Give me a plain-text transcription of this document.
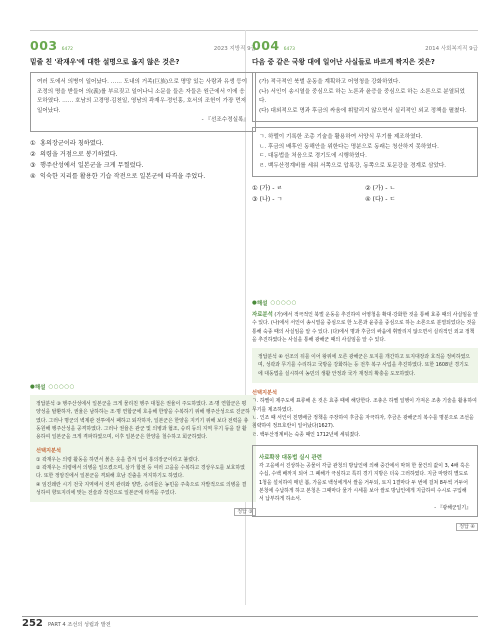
003 6472	2023 지방직 9급
밑줄 친 '곽재우'에 대한 설명으로 옳지 않은 것은?
여러 도에서 의병이 일어났다. …… 도내의 거족(巨族)으로 명망 있는 사람과 유생 등이 조정의 명을 받들어 의(義)를 부르짖고 일어나니 소문을 들은 자들은 원근에서 이에 응모하였다. …… 호남의 고경명·김천일, 영남의 곽재우·정인홍, 호서의 조헌이 가장 먼저 일어났다.
- 『선조수정실록』
① 홍의장군이라 칭하였다.
② 의령을 거점으로 봉기하였다.
③ 행주산성에서 일본군을 크게 무찔렀다.
④ 익숙한 지리를 활용한 기습 작전으로 일본군에 타격을 주었다.
004 6473	2014 사회복지직 9급
다음 중 같은 국왕 대에 일어난 사실들로 바르게 짝지은 것은?
(가) 적극적인 북벌 운동을 계획하고 어영청을 강화하였다.
(나) 서인이 송시열을 중심으로 하는 노론과 윤증을 중심으로 하는 소론으로 분열되었다.
(다) 대외적으로 명과 후금의 싸움에 휘말리지 않으면서 실리적인 외교 정책을 펼쳤다.
ㄱ. 하멜이 기록한 조총 기술을 활용하여 서양식 무기를 제조하였다.
ㄴ. 후금의 배후인 동해안을 위한다는 명분으로 동래는 청산하지 못하였다.
ㄷ. 대동법을 처음으로 경기도에 시행하였다.
ㄹ. 백두산정계비를 세워 서쪽으로 압록강, 동쪽으로 토문강을 경계로 삼았다.
① (가) - ㄹ	② (가) - ㄴ
③ (나) - ㄱ	④ (다) - ㄷ
● 해설 ○○○○○
정답분석 ③ 행주산성에서 일본군을 크게 물리친 행주 대첩은 권율이 주도하였다. 조·명 연합군은 평양성을 탈환하자, 권율은 남하하는 조·명 연합군에 호응해 한양을 수복하기 위해 행주산성으로 진군하였다. 그러나 명군의 벽제관 전투에서 패하고 퇴각하자, 일본군은 한양을 지키기 위해 보다 전력을 총동원해 행주산성을 공격하였다. 그러나 권율은 관군 및 의병과 협조, 승려 등의 지역 무기 등을 잘 활용하여 일본군을 크게 격파하였으며, 이후 일본군은 한양을 철수하고 회군하였다.
선택지분석
① 곽재우는 의령 활동을 하면서 붉은 옷을 즐겨 입어 홍의장군이라고 불렸다.
② 곽재우는 의령에서 의병을 일으켰으며, 삼가 합천 등 여러 고을을 수복하고 경상우도를 보호하였다. 또한 정암진에서 일본군을 격퇴해 호남 진출을 저지하기도 하였다.
④ 임진왜란 시기 전국 지역에서 전직 관리와 양반, 승려들은 농민을 주축으로 자발적으로 의병을 결성하여 향토지리에 맞는 전술과 작전으로 일본군에 타격을 주었다.
정답 ③
● 해설 ○○○○○
자료분석 (가)에서 적극적인 북벌 운동을 추진하여 어영청을 확대·강화한 것을 통해 효종 때의 사실임을 알 수 있다. (나)에서 서인이 송시열을 중심으로 한 노론과 윤증을 중심으로 하는 소론으로 분열되었다는 것을 통해 숙종 때의 사실임을 알 수 있다. (다)에서 명과 후금의 싸움에 휘말리지 않으면서 실리적인 외교 정책을 추진하였다는 사실을 통해 광해군 때의 사실임을 알 수 있다.
정답분석 ④ 선조의 뒤를 이어 왕위에 오른 광해군은 토지를 개간하고 토지대장과 호적을 정비하였으며, 성곽과 무기를 수리하고 국방을 강화하는 등 전후 복구 사업을 추진하였다. 또한 1608년 경기도에 대동법을 실시하여 농민의 생활 안정과 국가 재정의 확충을 도모하였다.
선택지분석
ㄱ. 하멜이 제주도에 표류해 온 것은 효종 때에 해당한다. 조총은 하멜 일행이 가져온 조총 기술을 활용하여 무기를 제조하였다.
ㄴ. 인조 때 서인이 친명배금 정책을 주장하여 후금을 자극하자, 후금은 광해군의 복수를 명분으로 조선을 침략하여 정묘호란이 일어났다(1627).
ㄹ. 백두산정계비는 숙종 때인 1712년에 세워졌다.
사료확장 대동법 실시 관련
각 고을에서 진상하는 공물이 각급 관청의 방납인에 의해 중간에서 막혀 한 물건의 값이 3, 4배 혹은 수십, 수백 배까지 되어 그 폐해가 극심하고 특히 경기 지방은 더욱 그러하였다. 지금 마땅히 별도로 1청을 설치하여 매년 봄, 가을로 백성에게서 쌀을 거두되, 토지 1결마다 두 번에 걸쳐 8두씩 거두어 본청에 수납하게 하고 본청은 그때마다 물가 시세를 보아 쌀로 방납인에게 지급하여 수시로 구입해서 납부하게 하소서.
- 『광해군일기』
정답 ④
252 PART 4 조선의 성립과 발전
